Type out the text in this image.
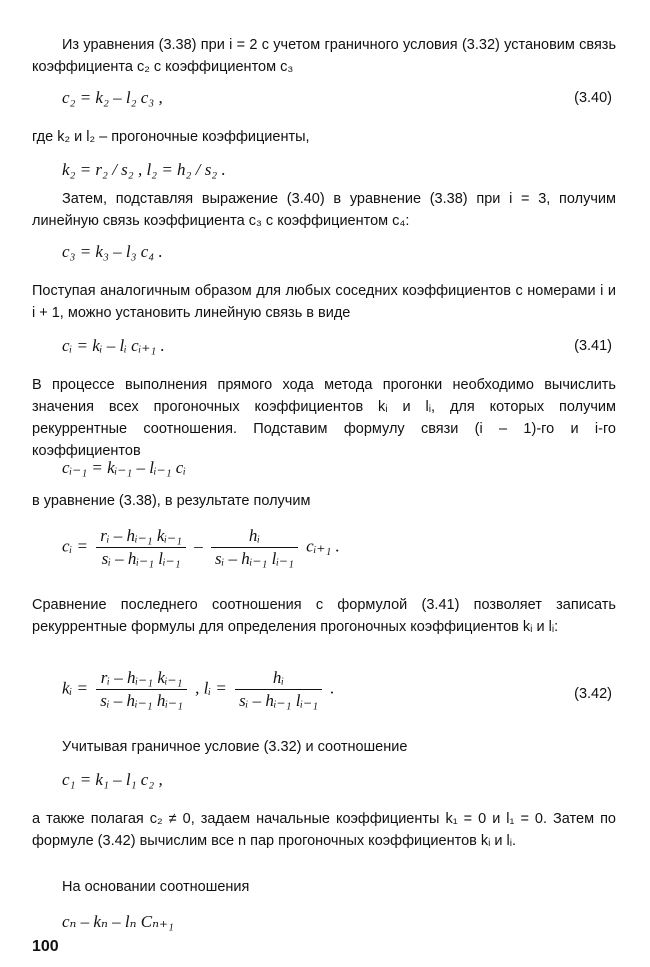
Из уравнения (3.38) при i = 2 с учетом граничного условия (3.32) установим связь коэффициента c₂ с коэффициентом c₃
c₂ = k₂ – l₂ c₃ ,	(3.40)
где k₂ и l₂ – прогоночные коэффициенты,
k₂ = r₂ / s₂ , l₂ = h₂ / s₂ .
Затем, подставляя выражение (3.40) в уравнение (3.38) при i = 3, получим линейную связь коэффициента c₃ с коэффициентом c₄:
c₃ = k₃ – l₃ c₄ .
Поступая аналогичным образом для любых соседних коэффициентов с номерами i и i + 1, можно установить линейную связь в виде
cᵢ = kᵢ – lᵢ cᵢ₊₁ .	(3.41)
В процессе выполнения прямого хода метода прогонки необходимо вычислить значения всех прогоночных коэффициентов kᵢ и lᵢ, для которых получим рекуррентные соотношения. Подставим формулу связи (i – 1)-го и i-го коэффициентов
cᵢ₋₁ = kᵢ₋₁ – lᵢ₋₁ cᵢ
в уравнение (3.38), в результате получим
cᵢ = $\frac{\text{rᵢ – hᵢ₋₁ kᵢ₋₁}}{\text{sᵢ – hᵢ₋₁ lᵢ₋₁}} - \frac{\text{hᵢ}}{\text{sᵢ – hᵢ₋₁ lᵢ₋₁}}$ cᵢ₊₁ .
Сравнение последнего соотношения с формулой (3.41) позволяет записать рекуррентные формулы для определения прогоночных коэффициентов kᵢ и lᵢ:
kᵢ = $\frac{\text{rᵢ – hᵢ₋₁ kᵢ₋₁}}{\text{sᵢ – hᵢ₋₁ hᵢ₋₁}}$ , lᵢ = $\frac{\text{hᵢ}}{\text{sᵢ – hᵢ₋₁ lᵢ₋₁}}$ .	(3.42)
Учитывая граничное условие (3.32) и соотношение
c₁ = k₁ – l₁ c₂ ,
а также полагая c₂ ≠ 0, задаем начальные коэффициенты k₁ = 0 и l₁ = 0. Затем по формуле (3.42) вычислим все n пар прогоночных коэффициентов kᵢ и lᵢ.
На основании соотношения
cₙ – kₙ – lₙ Cₙ₊₁
100
